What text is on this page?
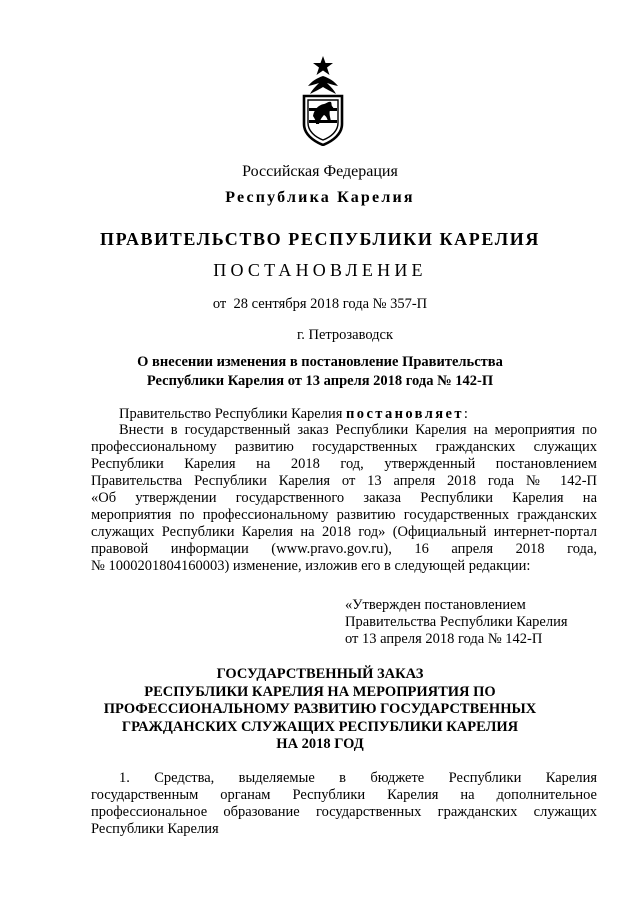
Российская Федерация
Республика Карелия
ПРАВИТЕЛЬСТВО РЕСПУБЛИКИ КАРЕЛИЯ
ПОСТАНОВЛЕНИЕ
от  28 сентября 2018 года № 357-П
г. Петрозаводск
О внесении изменения в постановление Правительства
Республики Карелия от 13 апреля 2018 года № 142-П
Правительство Республики Карелия постановляет:
Внести в государственный заказ Республики Карелия на мероприятия по
профессиональному развитию государственных гражданских служащих
Республики Карелия на 2018 год, утвержденный постановлением
Правительства Республики Карелия от 13 апреля 2018 года № 142-П
«Об утверждении государственного заказа Республики Карелия на
мероприятия по профессиональному развитию государственных гражданских
служащих Республики Карелия на 2018 год» (Официальный интернет-портал
правовой информации (www.pravo.gov.ru), 16 апреля 2018 года,
№ 1000201804160003) изменение, изложив его в следующей редакции:
«Утвержден постановлением
Правительства Республики Карелия
от 13 апреля 2018 года № 142-П
ГОСУДАРСТВЕННЫЙ ЗАКАЗ
РЕСПУБЛИКИ КАРЕЛИЯ НА МЕРОПРИЯТИЯ ПО
ПРОФЕССИОНАЛЬНОМУ РАЗВИТИЮ ГОСУДАРСТВЕННЫХ
ГРАЖДАНСКИХ СЛУЖАЩИХ РЕСПУБЛИКИ КАРЕЛИЯ
НА 2018 ГОД
1. Средства, выделяемые в бюджете Республики Карелия
государственным органам Республики Карелия на дополнительное
профессиональное образование государственных гражданских служащих
Республики Карелия
